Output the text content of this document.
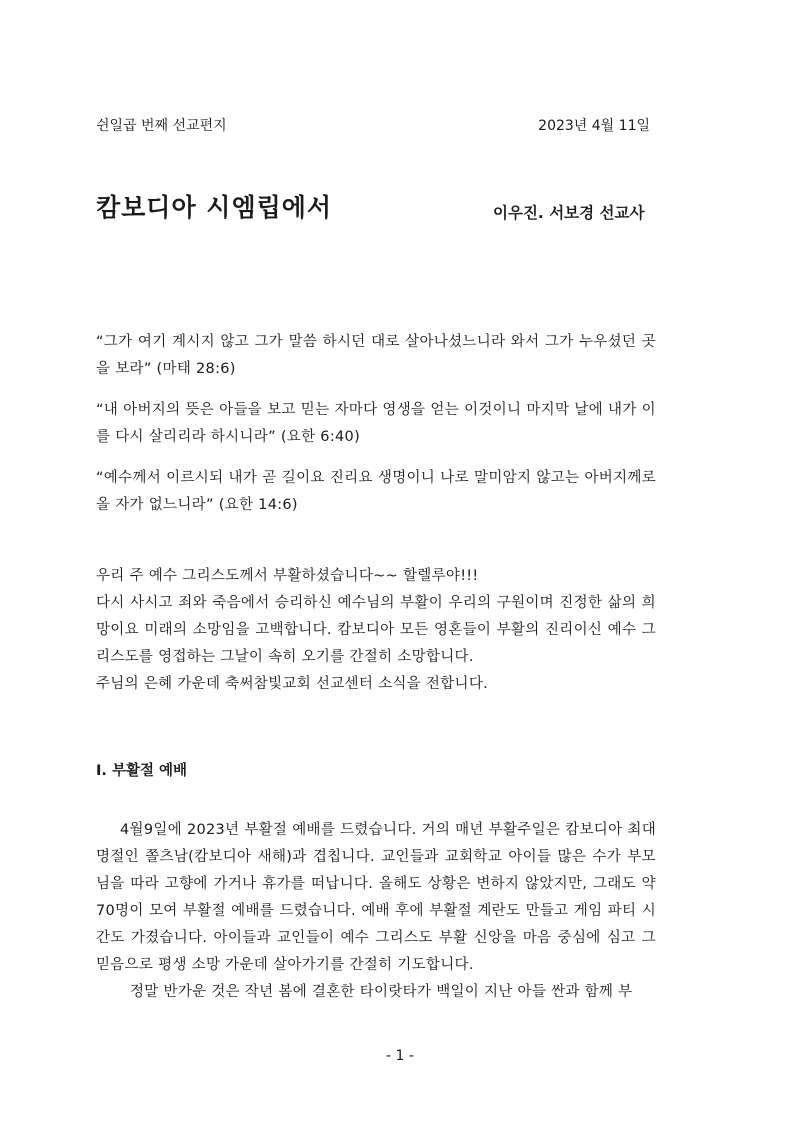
쉰일곱 번째 선교편지	2023년 4월 11일

캄보디아 시엠립에서	이우진. 서보경 선교사

“그가 여기 계시지 않고 그가 말씀 하시던 대로 살아나셨느니라 와서 그가 누우셨던 곳을 보라” (마태 28:6)

“내 아버지의 뜻은 아들을 보고 믿는 자마다 영생을 얻는 이것이니 마지막 날에 내가 이를 다시 살리리라 하시니라” (요한 6:40)

“예수께서 이르시되 내가 곧 길이요 진리요 생명이니 나로 말미암지 않고는 아버지께로 올 자가 없느니라” (요한 14:6)

우리 주 예수 그리스도께서 부활하셨습니다~~ 할렐루야!!!
다시 사시고 죄와 죽음에서 승리하신 예수님의 부활이 우리의 구원이며 진정한 삶의 희망이요 미래의 소망임을 고백합니다. 캄보디아 모든 영혼들이 부활의 진리이신 예수 그리스도를 영접하는 그날이 속히 오기를 간절히 소망합니다.
주님의 은혜 가운데 축써참빛교회 선교센터 소식을 전합니다.
Ⅰ. 부활절 예배

4월9일에 2023년 부활절 예배를 드렸습니다. 거의 매년 부활주일은 캄보디아 최대 명절인 쫄츠남(캄보디아 새해)과 겹칩니다. 교인들과 교회학교 아이들 많은 수가 부모님을 따라 고향에 가거나 휴가를 떠납니다. 올해도 상황은 변하지 않았지만, 그래도 약 70명이 모여 부활절 예배를 드렸습니다. 예배 후에 부활절 계란도 만들고 게임 파티 시간도 가졌습니다. 아이들과 교인들이 예수 그리스도 부활 신앙을 마음 중심에 심고 그 믿음으로 평생 소망 가운데 살아가기를 간절히 기도합니다.

정말 반가운 것은 작년 봄에 결혼한 타이랏타가 백일이 지난 아들 싼과 함께 부

- 1 -
